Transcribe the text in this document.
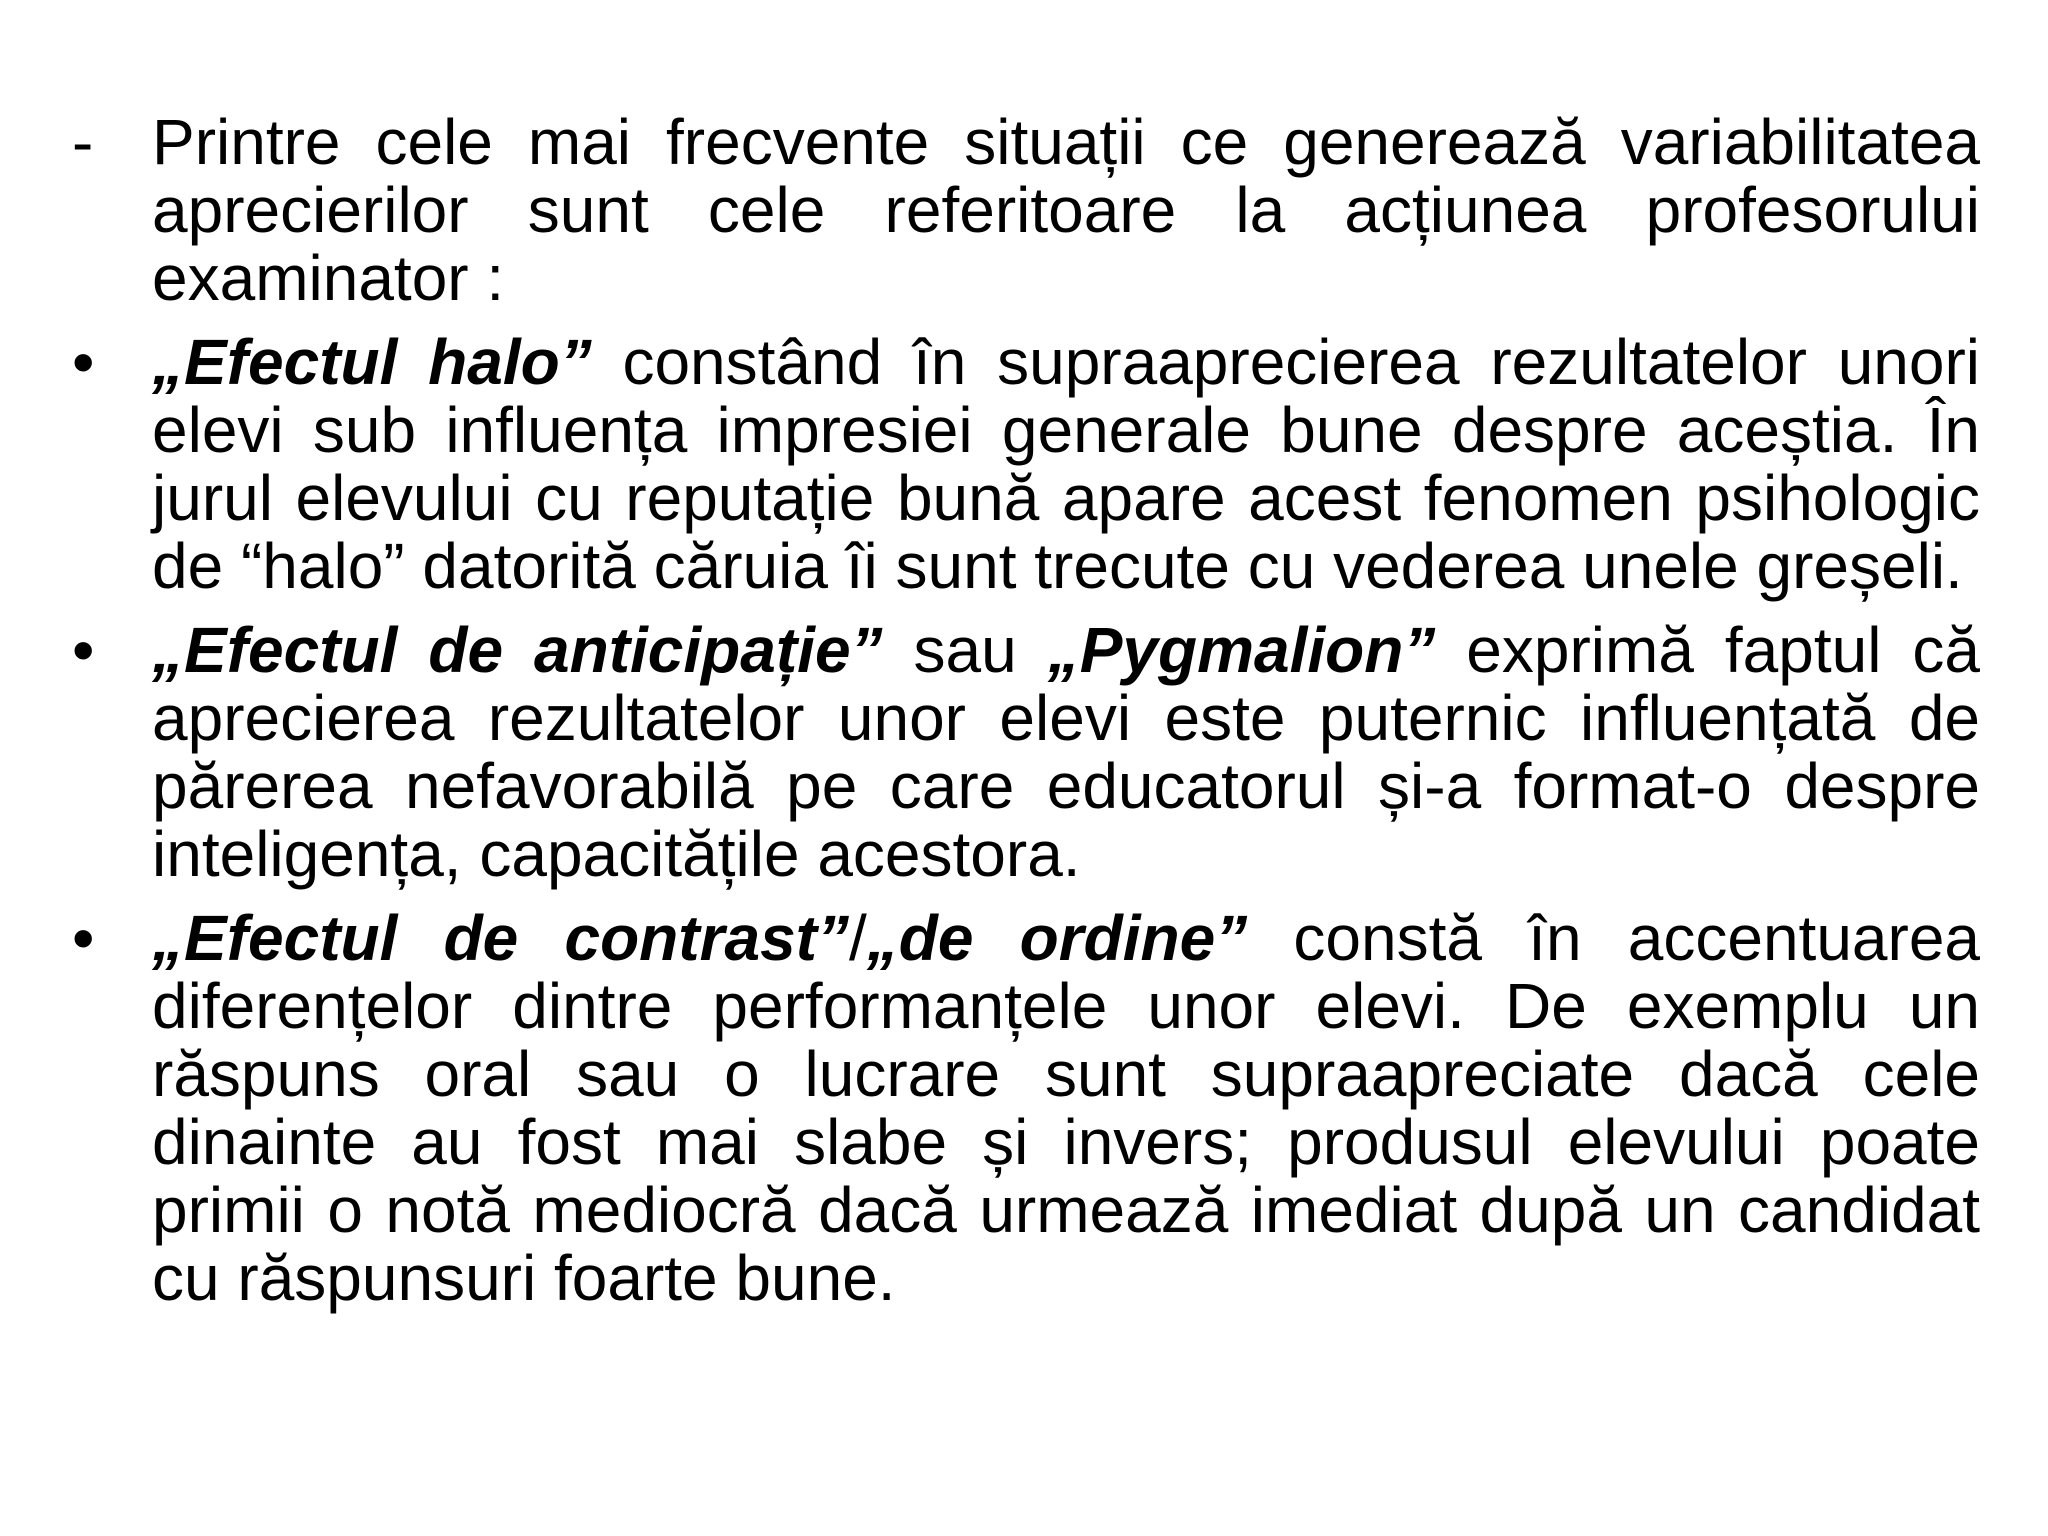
- Printre cele mai frecvente situații ce generează variabilitatea aprecierilor sunt cele referitoare la acțiunea profesorului examinator :
• „Efectul halo” constând în supraaprecierea rezultatelor unori elevi sub influența impresiei generale bune despre aceștia. În jurul elevului cu reputație bună apare acest fenomen psihologic de “halo” datorită căruia îi sunt trecute cu vederea unele greșeli.
• „Efectul de anticipație” sau „Pygmalion” exprimă faptul că aprecierea rezultatelor unor elevi este puternic influențată de părerea nefavorabilă pe care educatorul și-a format-o despre inteligența, capacitățile acestora.
• „Efectul de contrast”/„de ordine” constă în accentuarea diferențelor dintre performanțele unor elevi. De exemplu un răspuns oral sau o lucrare sunt supraapreciate dacă cele dinainte au fost mai slabe și invers; produsul elevului poate primii o notă mediocră dacă urmează imediat după un candidat cu răspunsuri foarte bune.
